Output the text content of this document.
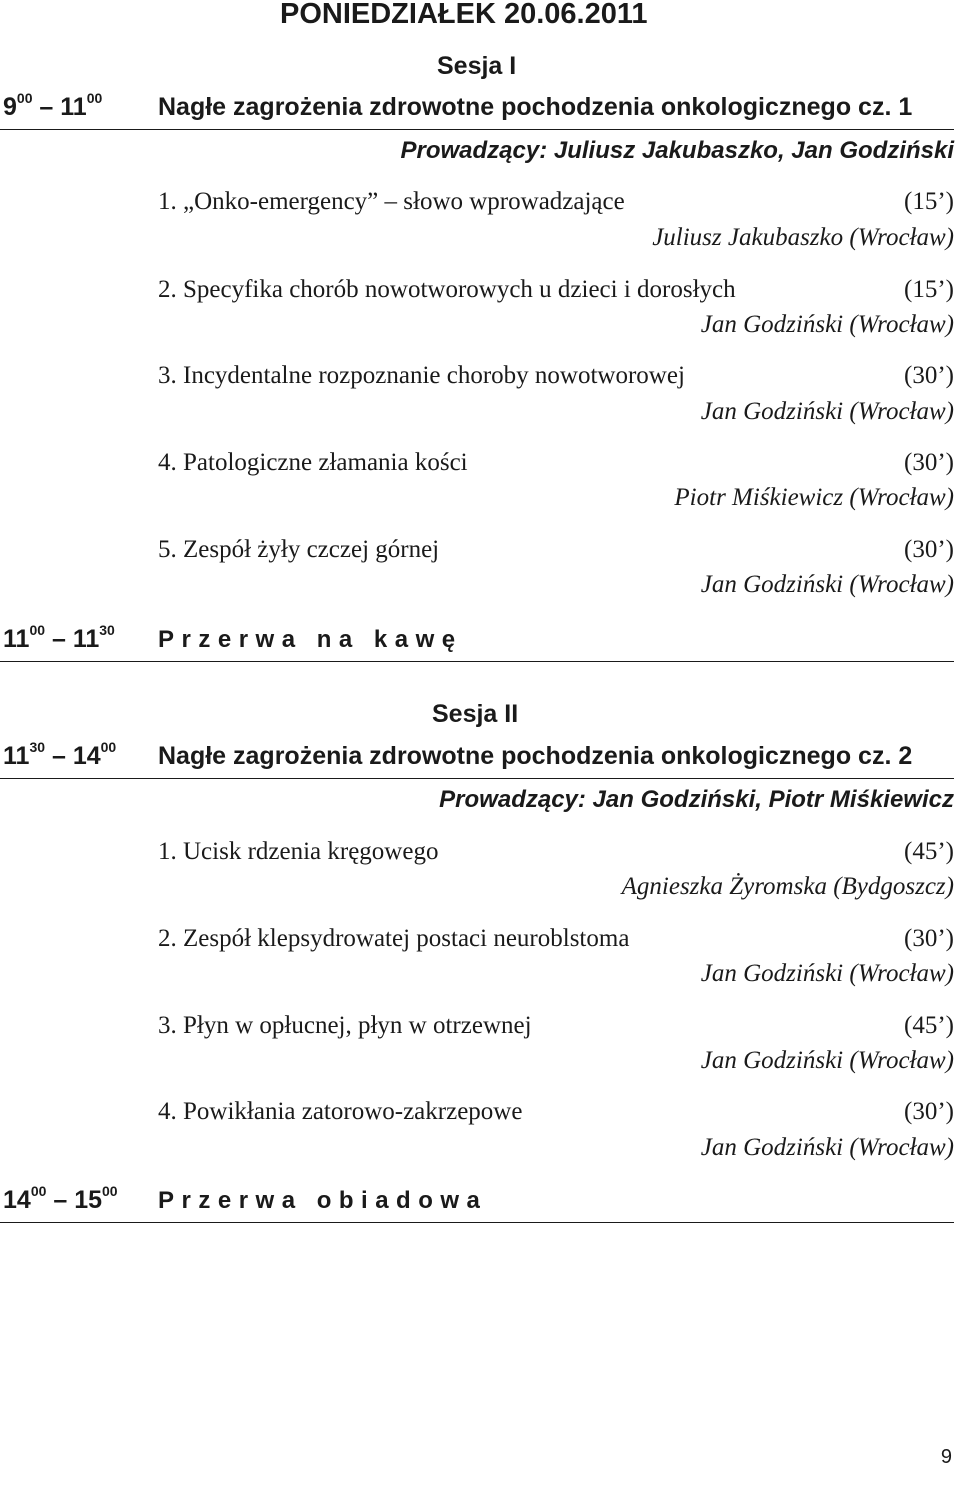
PONIEDZIAŁEK 20.06.2011
Sesja I
$9^{00} - 11^{00}$ Nagłe zagrożenia zdrowotne pochodzenia onkologicznego cz. 1
Prowadzący: Juliusz Jakubaszko, Jan Godziński
1. „Onko-emergency” – słowo wprowadzające	(15’)
Juliusz Jakubaszko (Wrocław)
2. Specyfika chorób nowotworowych u dzieci i dorosłych	(15’)
Jan Godziński (Wrocław)
3. Incydentalne rozpoznanie choroby nowotworowej	(30’)
Jan Godziński (Wrocław)
4. Patologiczne złamania kości	(30’)
Piotr Miśkiewicz (Wrocław)
5. Zespół żyły czczej górnej	(30’)
Jan Godziński (Wrocław)
$11^{00} - 11^{30}$ Przerwa na kawę
Sesja II
$11^{30} - 14^{00}$ Nagłe zagrożenia zdrowotne pochodzenia onkologicznego cz. 2
Prowadzący: Jan Godziński, Piotr Miśkiewicz
1. Ucisk rdzenia kręgowego	(45’)
Agnieszka Żyromska (Bydgoszcz)
2. Zespół klepsydrowatej postaci neuroblstoma	(30’)
Jan Godziński (Wrocław)
3. Płyn w opłucnej, płyn w otrzewnej	(45’)
Jan Godziński (Wrocław)
4. Powikłania zatorowo-zakrzepowe	(30’)
Jan Godziński (Wrocław)
$14^{00} - 15^{00}$ Przerwa obiadowa
9
